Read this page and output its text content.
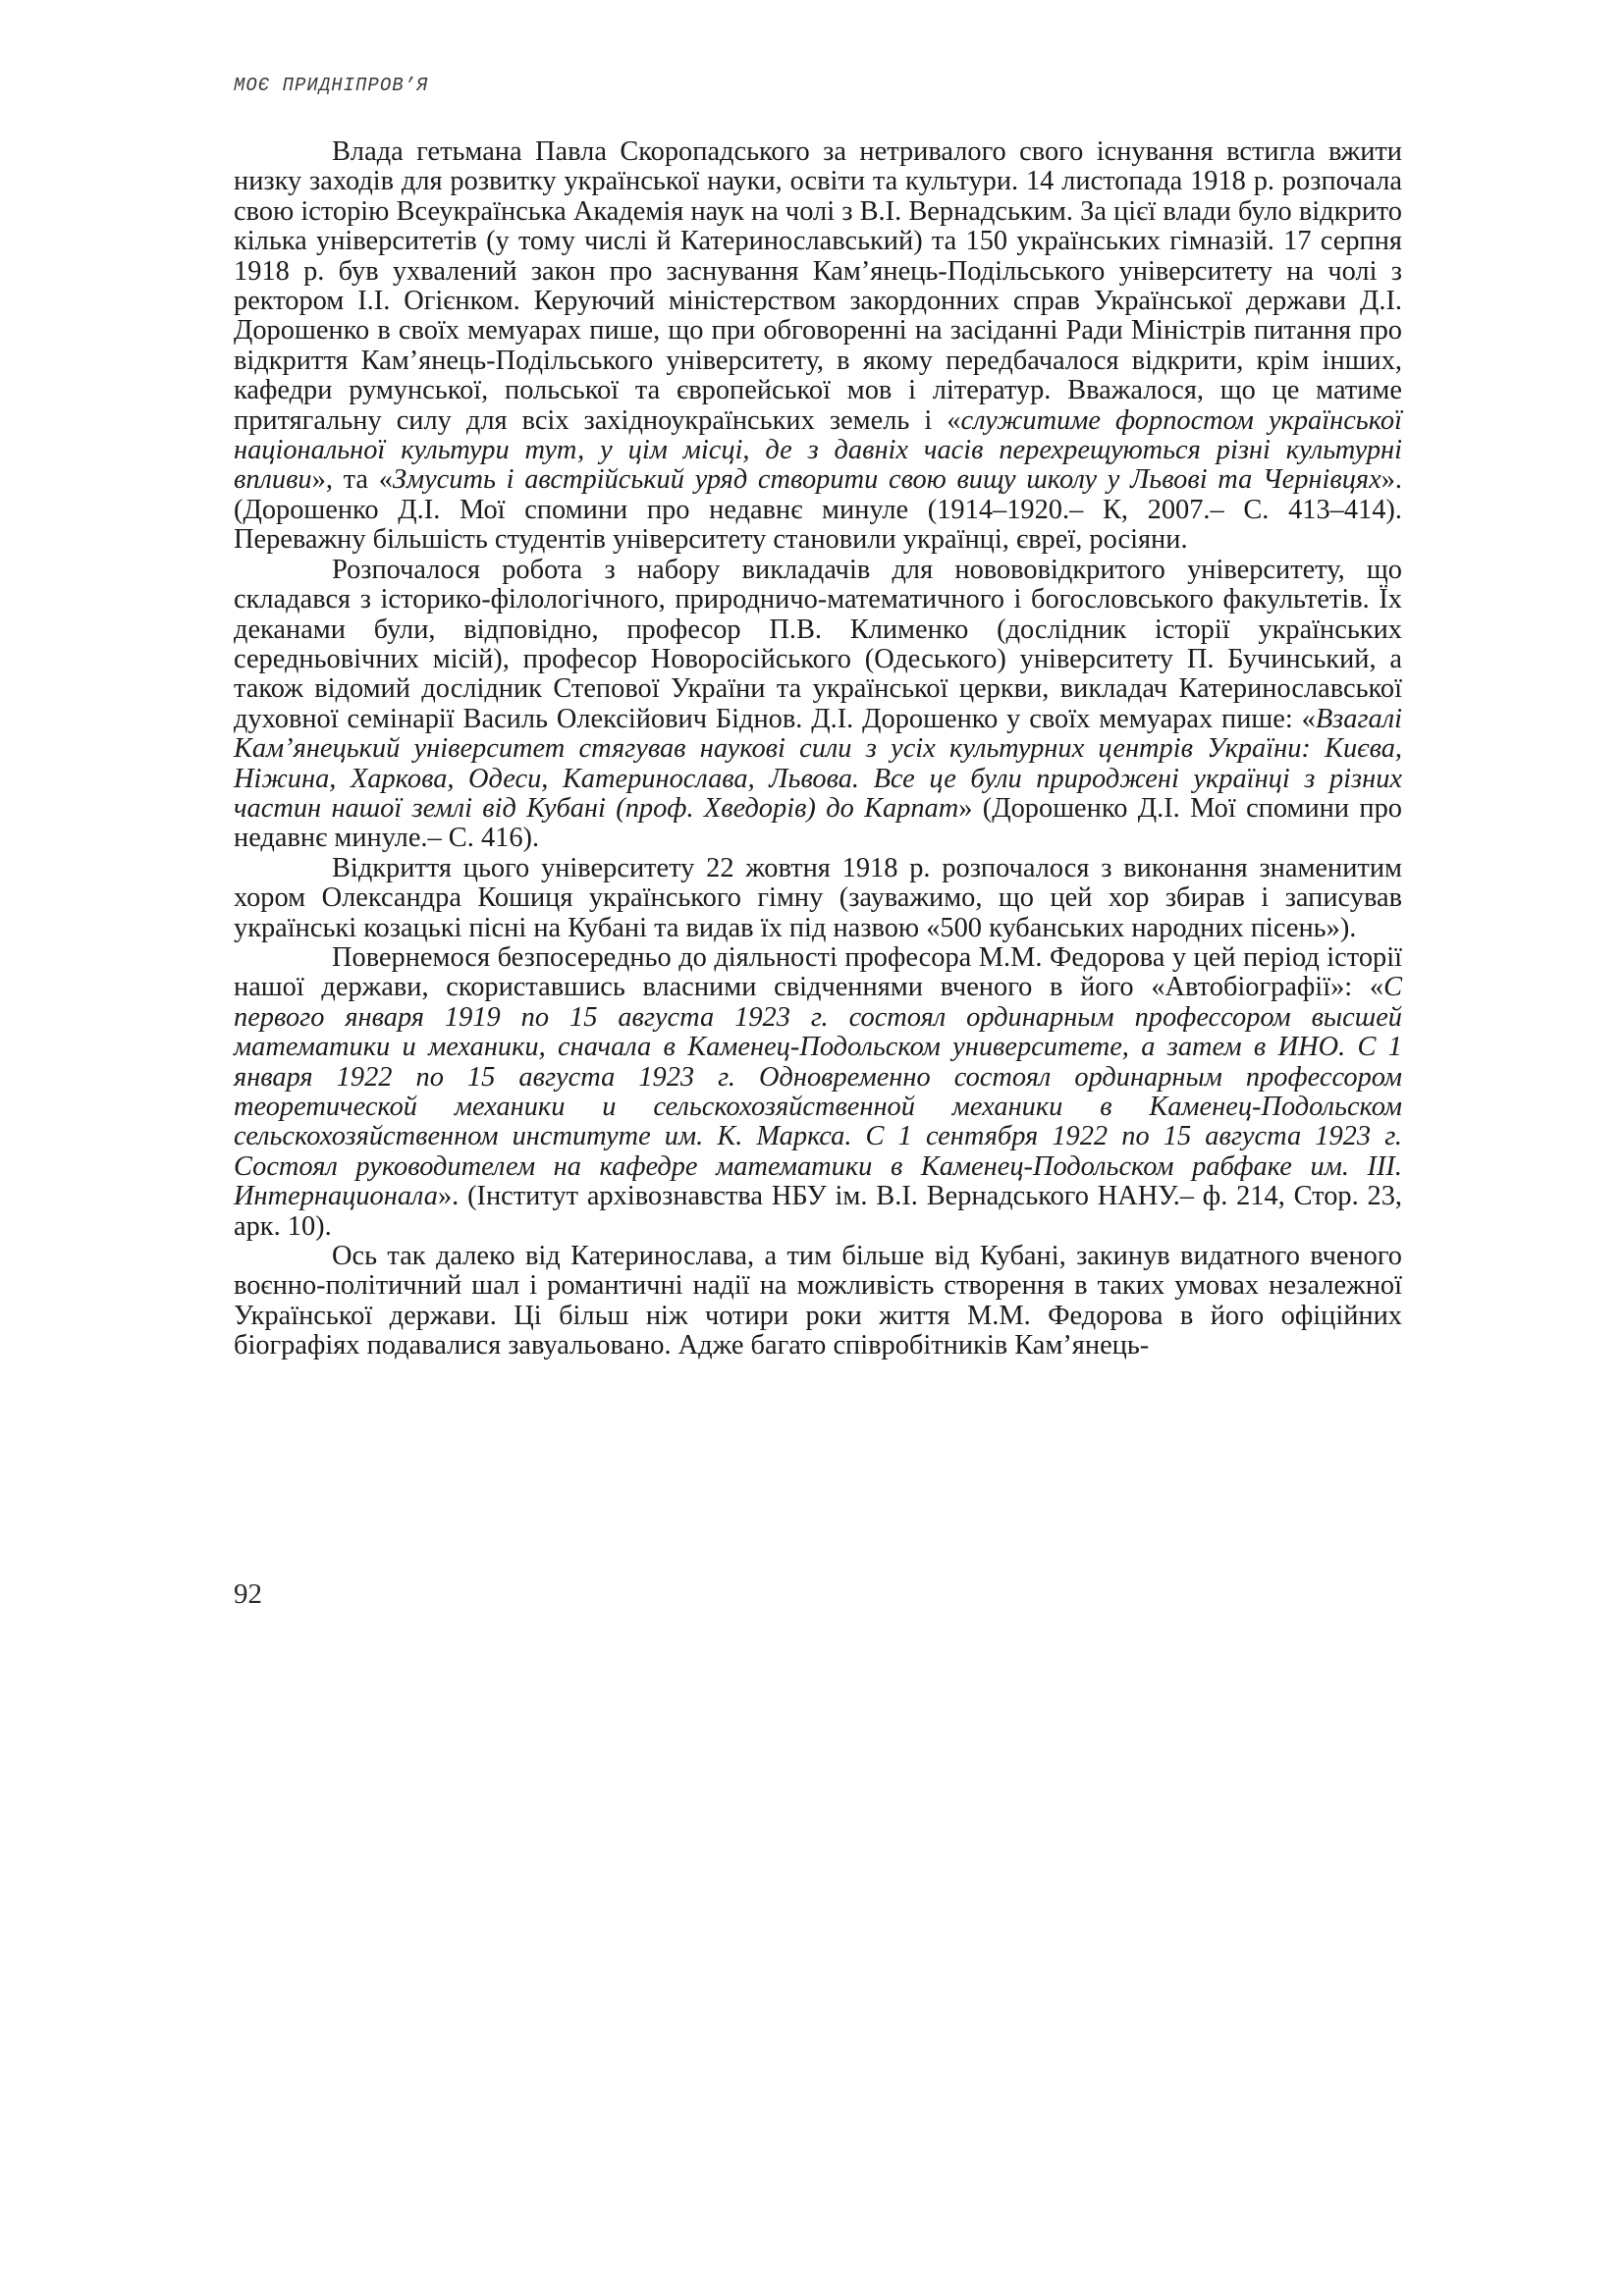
МОЄ ПРИДНІПРОВ’Я

Влада гетьмана Павла Скоропадського за нетривалого свого існування встигла вжити низку заходів для розвитку української науки, освіти та культури. 14 листопада 1918 р. розпочала свою історію Всеукраїнська Академія наук на чолі з В.І. Вернадським. За цієї влади було відкрито кілька університетів (у тому числі й Катеринославський) та 150 українських гімназій. 17 серпня 1918 р. був ухвалений закон про заснування Кам’янець-Подільського університету на чолі з ректором І.І. Огієнком. Керуючий міністерством закордонних справ Української держави Д.І. Дорошенко в своїх мемуарах пише, що при обговоренні на засіданні Ради Міністрів питання про відкриття Кам’янець-Подільського університету, в якому передбачалося відкрити, крім інших, кафедри румунської, польської та європейської мов і літератур. Вважалося, що це матиме притягальну силу для всіх західноукраїнських земель і «служитиме форпостом української національної культури тут, у цім місці, де з давніх часів перехрещуються різні культурні впливи», та «Змусить і австрійський уряд створити свою вищу школу у Львові та Чернівцях». (Дорошенко Д.І. Мої спомини про недавнє минуле (1914–1920.– К, 2007.– С. 413–414). Переважну більшість студентів університету становили українці, євреї, росіяни.

Розпочалося робота з набору викладачів для новововідкритого університету, що складався з історико-філологічного, природничо-математичного і богословського факультетів. Їх деканами були, відповідно, професор П.В. Клименко (дослідник історії українських середньовічних місій), професор Новоросійського (Одеського) університету П. Бучинський, а також відомий дослідник Степової України та української церкви, викладач Катеринославської духовної семінарії Василь Олексійович Біднов. Д.І. Дорошенко у своїх мемуарах пише: «Взагалі Кам’янецький університет стягував наукові сили з усіх культурних центрів України: Києва, Ніжина, Харкова, Одеси, Катеринослава, Львова. Все це були природжені українці з різних частин нашої землі від Кубані (проф. Хведорів) до Карпат» (Дорошенко Д.І. Мої спомини про недавнє минуле.– С. 416).

Відкриття цього університету 22 жовтня 1918 р. розпочалося з виконання знаменитим хором Олександра Кошиця українського гімну (зауважимо, що цей хор збирав і записував українські козацькі пісні на Кубані та видав їх під назвою «500 кубанських народних пісень»).

Повернемося безпосередньо до діяльності професора М.М. Федорова у цей період історії нашої держави, скориставшись власними свідченнями вченого в його «Автобіографії»: «С первого января 1919 по 15 августа 1923 г. состоял ординарным профессором высшей математики и механики, сначала в Каменец-Подольском университете, а затем в ИНО. С 1 января 1922 по 15 августа 1923 г. Одновременно состоял ординарным профессором теоретической механики и сельскохозяйственной механики в Каменец-Подольском сельскохозяйственном институте им. К. Маркса. С 1 сентября 1922 по 15 августа 1923 г. Состоял руководителем на кафедре математики в Каменец-Подольском рабфаке им. III. Интернационала». (Інститут архівознавства НБУ ім. В.І. Вернадського НАНУ.– ф. 214, Стор. 23, арк. 10).

Ось так далеко від Катеринослава, а тим більше від Кубані, закинув видатного вченого воєнно-політичний шал і романтичні надії на можливість створення в таких умовах незалежної Української держави. Ці більш ніж чотири роки життя М.М. Федорова в його офіційних біографіях подавалися завуальовано. Адже багато співробітників Кам’янець-

92
